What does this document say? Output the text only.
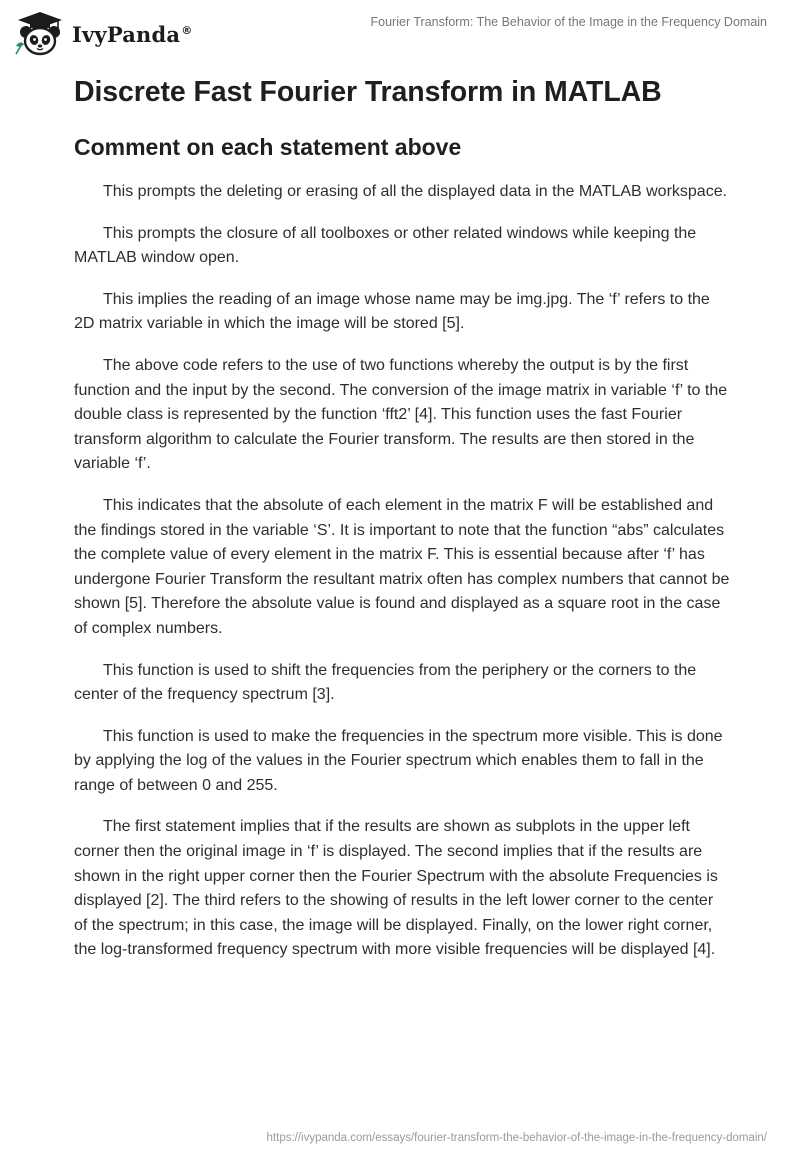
IvyPanda®
Fourier Transform: The Behavior of the Image in the Frequency Domain
Discrete Fast Fourier Transform in MATLAB
Comment on each statement above

This prompts the deleting or erasing of all the displayed data in the MATLAB workspace.

This prompts the closure of all toolboxes or other related windows while keeping the MATLAB window open.

This implies the reading of an image whose name may be img.jpg. The ‘f’ refers to the 2D matrix variable in which the image will be stored [5].

The above code refers to the use of two functions whereby the output is by the first function and the input by the second. The conversion of the image matrix in variable ‘f’ to the double class is represented by the function ‘fft2’ [4]. This function uses the fast Fourier transform algorithm to calculate the Fourier transform. The results are then stored in the variable ‘f’.

This indicates that the absolute of each element in the matrix F will be established and the findings stored in the variable ‘S’. It is important to note that the function “abs” calculates the complete value of every element in the matrix F. This is essential because after ‘f’ has undergone Fourier Transform the resultant matrix often has complex numbers that cannot be shown [5]. Therefore the absolute value is found and displayed as a square root in the case of complex numbers.

This function is used to shift the frequencies from the periphery or the corners to the center of the frequency spectrum [3].

This function is used to make the frequencies in the spectrum more visible. This is done by applying the log of the values in the Fourier spectrum which enables them to fall in the range of between 0 and 255.

The first statement implies that if the results are shown as subplots in the upper left corner then the original image in ‘f’ is displayed. The second implies that if the results are shown in the right upper corner then the Fourier Spectrum with the absolute Frequencies is displayed [2]. The third refers to the showing of results in the left lower corner to the center of the spectrum; in this case, the image will be displayed. Finally, on the lower right corner, the log-transformed frequency spectrum with more visible frequencies will be displayed [4].

https://ivypanda.com/essays/fourier-transform-the-behavior-of-the-image-in-the-frequency-domain/
